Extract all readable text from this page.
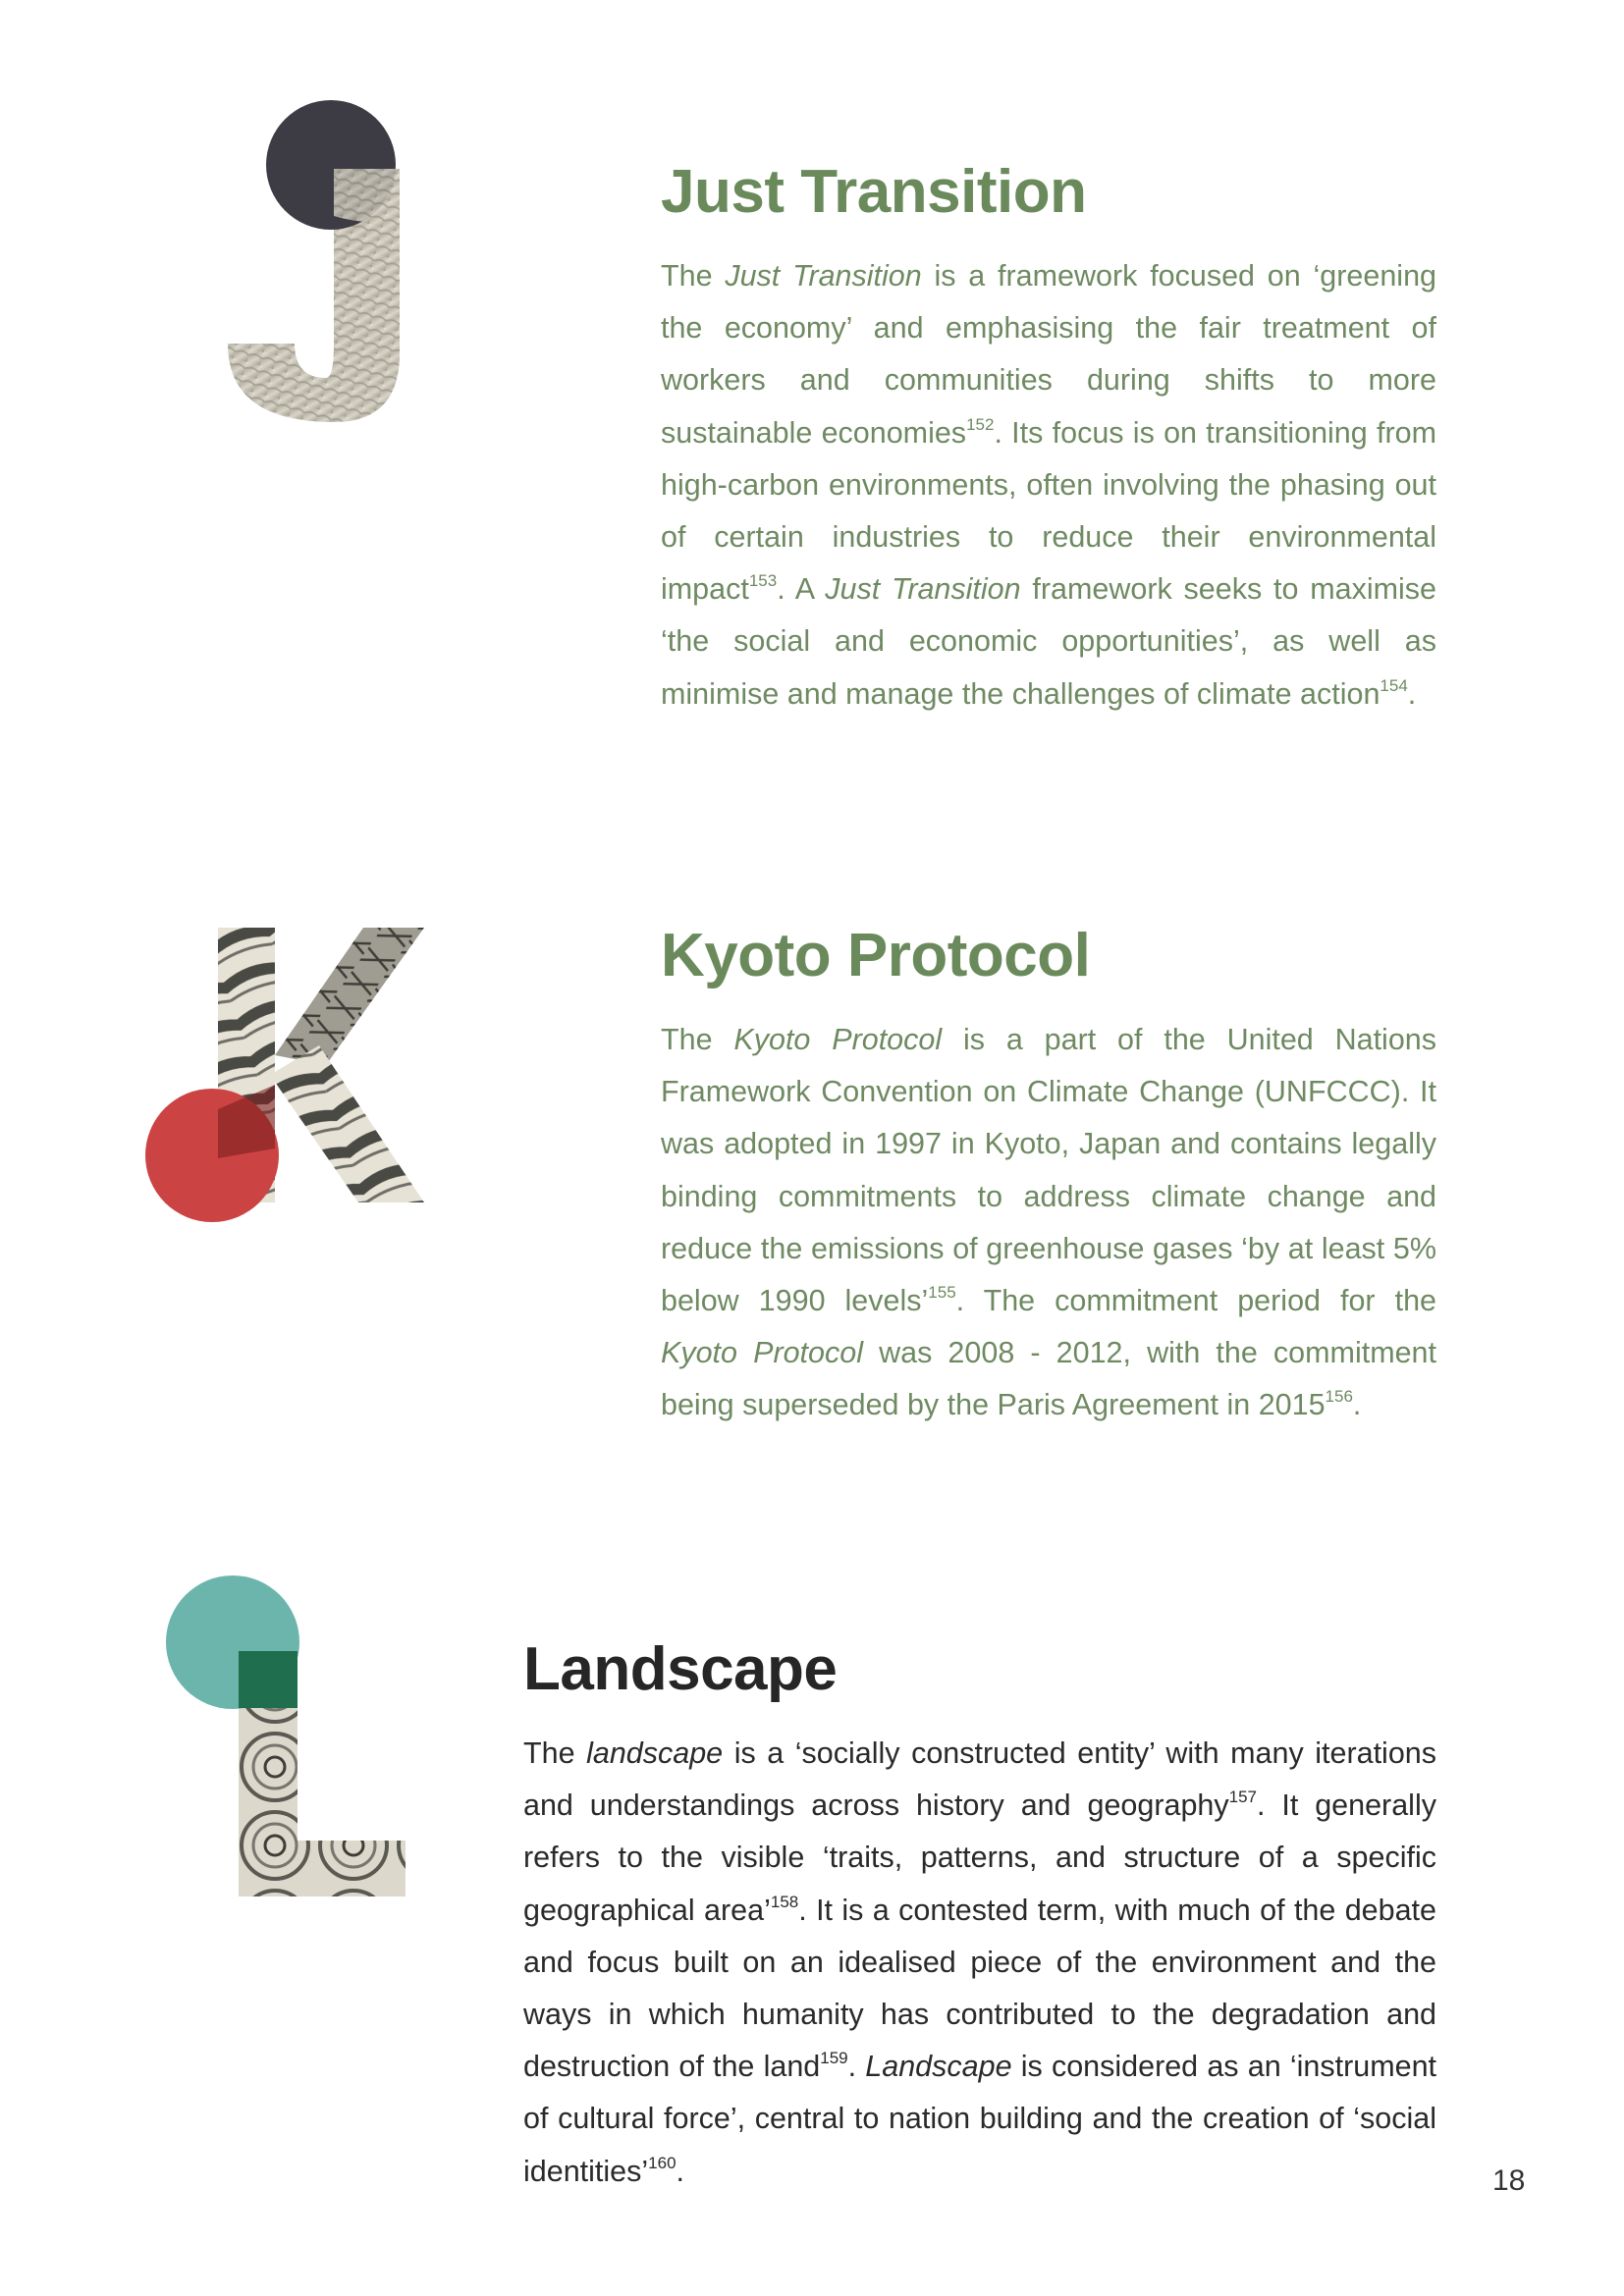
Just Transition

The Just Transition is a framework focused on ‘greening the economy’ and emphasising the fair treatment of workers and communities during shifts to more sustainable economies$^{152}$. Its focus is on transitioning from high-carbon environments, often involving the phasing out of certain industries to reduce their environmental impact$^{153}$. A Just Transition framework seeks to maximise ‘the social and economic opportunities’, as well as minimise and manage the challenges of climate action$^{154}$.

Kyoto Protocol

The Kyoto Protocol is a part of the United Nations Framework Convention on Climate Change (UNFCCC). It was adopted in 1997 in Kyoto, Japan and contains legally binding commitments to address climate change and reduce the emissions of greenhouse gases ‘by at least 5% below 1990 levels’$^{155}$. The commitment period for the Kyoto Protocol was 2008 - 2012, with the commitment being superseded by the Paris Agreement in 2015$^{156}$.

Landscape

The landscape is a ‘socially constructed entity’ with many iterations and understandings across history and geography$^{157}$. It generally refers to the visible ‘traits, patterns, and structure of a specific geographical area’$^{158}$. It is a contested term, with much of the debate and focus built on an idealised piece of the environment and the ways in which humanity has contributed to the degradation and destruction of the land$^{159}$. Landscape is considered as an ‘instrument of cultural force’, central to nation building and the creation of ‘social identities’$^{160}$.	18
